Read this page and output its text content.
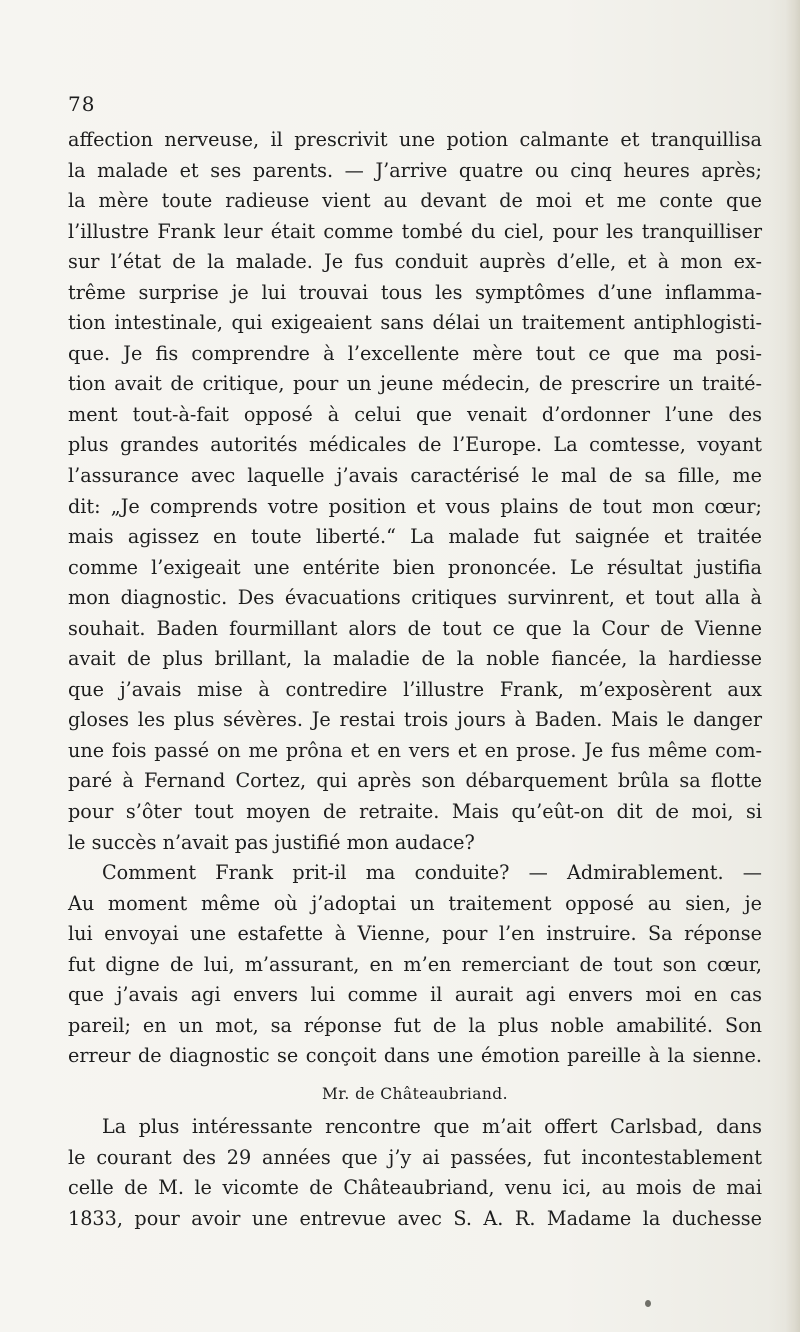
78
affection nerveuse, il prescrivit une potion calmante et tranquillisa
la malade et ses parents. — J’arrive quatre ou cinq heures après;
la mère toute radieuse vient au devant de moi et me conte que
l’illustre Frank leur était comme tombé du ciel, pour les tranquilliser
sur l’état de la malade. Je fus conduit auprès d’elle, et à mon ex-
trême surprise je lui trouvai tous les symptômes d’une inflamma-
tion intestinale, qui exigeaient sans délai un traitement antiphlogisti-
que. Je fis comprendre à l’excellente mère tout ce que ma posi-
tion avait de critique, pour un jeune médecin, de prescrire un traité-
ment tout-à-fait opposé à celui que venait d’ordonner l’une des
plus grandes autorités médicales de l’Europe. La comtesse, voyant
l’assurance avec laquelle j’avais caractérisé le mal de sa fille, me
dit: „Je comprends votre position et vous plains de tout mon cœur;
mais agissez en toute liberté.“ La malade fut saignée et traitée
comme l’exigeait une entérite bien prononcée. Le résultat justifia
mon diagnostic. Des évacuations critiques survinrent, et tout alla à
souhait. Baden fourmillant alors de tout ce que la Cour de Vienne
avait de plus brillant, la maladie de la noble fiancée, la hardiesse
que j’avais mise à contredire l’illustre Frank, m’exposèrent aux
gloses les plus sévères. Je restai trois jours à Baden. Mais le danger
une fois passé on me prôna et en vers et en prose. Je fus même com-
paré à Fernand Cortez, qui après son débarquement brûla sa flotte
pour s’ôter tout moyen de retraite. Mais qu’eût-on dit de moi, si
le succès n’avait pas justifié mon audace?
Comment Frank prit-il ma conduite? — Admirablement. —
Au moment même où j’adoptai un traitement opposé au sien, je
lui envoyai une estafette à Vienne, pour l’en instruire. Sa réponse
fut digne de lui, m’assurant, en m’en remerciant de tout son cœur,
que j’avais agi envers lui comme il aurait agi envers moi en cas
pareil; en un mot, sa réponse fut de la plus noble amabilité. Son
erreur de diagnostic se conçoit dans une émotion pareille à la sienne.
Mr. de Châteaubriand.
La plus intéressante rencontre que m’ait offert Carlsbad, dans
le courant des 29 années que j’y ai passées, fut incontestablement
celle de M. le vicomte de Châteaubriand, venu ici, au mois de mai
1833, pour avoir une entrevue avec S. A. R. Madame la duchesse
